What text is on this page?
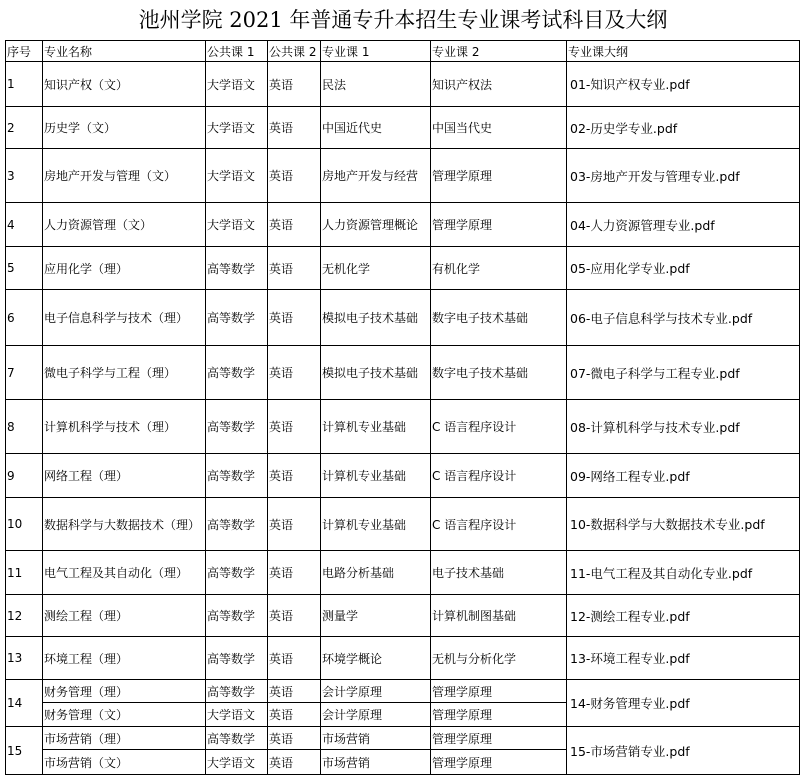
池州学院 2021 年普通专升本招生专业课考试科目及大纲
序号	专业名称	公共课 1	公共课 2	专业课 1	专业课 2	专业课大纲
1	知识产权（文）	大学语文	英语	民法	知识产权法	01-知识产权专业.pdf
2	历史学（文）	大学语文	英语	中国近代史	中国当代史	02-历史学专业.pdf
3	房地产开发与管理（文）	大学语文	英语	房地产开发与经营	管理学原理	03-房地产开发与管理专业.pdf
4	人力资源管理（文）	大学语文	英语	人力资源管理概论	管理学原理	04-人力资源管理专业.pdf
5	应用化学（理）	高等数学	英语	无机化学	有机化学	05-应用化学专业.pdf
6	电子信息科学与技术（理）	高等数学	英语	模拟电子技术基础	数字电子技术基础	06-电子信息科学与技术专业.pdf
7	微电子科学与工程（理）	高等数学	英语	模拟电子技术基础	数字电子技术基础	07-微电子科学与工程专业.pdf
8	计算机科学与技术（理）	高等数学	英语	计算机专业基础	C 语言程序设计	08-计算机科学与技术专业.pdf
9	网络工程（理）	高等数学	英语	计算机专业基础	C 语言程序设计	09-网络工程专业.pdf
10	数据科学与大数据技术（理）	高等数学	英语	计算机专业基础	C 语言程序设计	10-数据科学与大数据技术专业.pdf
11	电气工程及其自动化（理）	高等数学	英语	电路分析基础	电子技术基础	11-电气工程及其自动化专业.pdf
12	测绘工程（理）	高等数学	英语	测量学	计算机制图基础	12-测绘工程专业.pdf
13	环境工程（理）	高等数学	英语	环境学概论	无机与分析化学	13-环境工程专业.pdf
14	财务管理（理）	高等数学	英语	会计学原理	管理学原理	14-财务管理专业.pdf
	财务管理（文）	大学语文	英语	会计学原理	管理学原理	
15	市场营销（理）	高等数学	英语	市场营销	管理学原理	15-市场营销专业.pdf
	市场营销（文）	大学语文	英语	市场营销	管理学原理	
